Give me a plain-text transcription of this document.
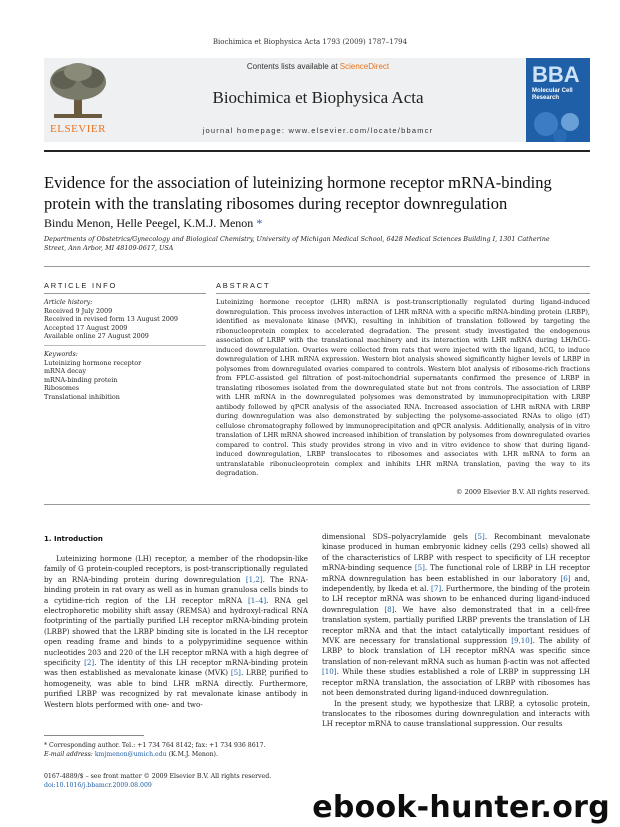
Biochimica et Biophysica Acta 1793 (2009) 1787–1794
ELSEVIER
Contents lists available at ScienceDirect
Biochimica et Biophysica Acta
journal homepage: www.elsevier.com/locate/bbamcr
BBA
Molecular Cell Research
Evidence for the association of luteinizing hormone receptor mRNA-binding protein with the translating ribosomes during receptor downregulation
Bindu Menon, Helle Peegel, K.M.J. Menon *
Departments of Obstetrics/Gynecology and Biological Chemistry, University of Michigan Medical School, 6428 Medical Sciences Building I, 1301 Catherine Street, Ann Arbor, MI 48109-0617, USA
ARTICLE INFO	ABSTRACT
Article history:
Received 9 July 2009
Received in revised form 13 August 2009
Accepted 17 August 2009
Available online 27 August 2009
Keywords:
Luteinizing hormone receptor
mRNA decay
mRNA-binding protein
Ribosomes
Translational inhibition
Luteinizing hormone receptor (LHR) mRNA is post-transcriptionally regulated during ligand-induced downregulation. This process involves interaction of LHR mRNA with a specific mRNA-binding protein (LRBP), identified as mevalonate kinase (MVK), resulting in inhibition of translation followed by targeting the ribonucleoprotein complex to accelerated degradation. The present study investigated the endogenous association of LRBP with the translational machinery and its interaction with LHR mRNA during LH/hCG-induced downregulation. Ovaries were collected from rats that were injected with the ligand, hCG, to induce downregulation of LHR mRNA expression. Western blot analysis showed significantly higher levels of LRBP in polysomes from downregulated ovaries compared to controls. Western blot analysis of ribosome-rich fractions from FPLC-assisted gel filtration of post-mitochondrial supernatants confirmed the presence of LRBP in translating ribosomes isolated from the downregulated state but not from controls. The association of LRBP with LHR mRNA in the downregulated polysomes was demonstrated by immunoprecipitation with LRBP antibody followed by qPCR analysis of the associated RNA. Increased association of LHR mRNA with LRBP during downregulation was also demonstrated by subjecting the polysome-associated RNAs to oligo (dT) cellulose chromatography followed by immunoprecipitation and qPCR analysis. Additionally, analysis of in vitro translation of LHR mRNA showed increased inhibition of translation by polysomes from downregulated ovaries compared to control. This study provides strong in vivo and in vitro evidence to show that during ligand-induced downregulation, LRBP translocates to ribosomes and associates with LHR mRNA to form an untranslatable ribonucleoprotein complex and inhibits LHR mRNA translation, paving the way to its degradation.
© 2009 Elsevier B.V. All rights reserved.
1. Introduction
Luteinizing hormone (LH) receptor, a member of the rhodopsin-like family of G protein-coupled receptors, is post-transcriptionally regulated by an RNA-binding protein during downregulation [1,2]. The RNA-binding protein in rat ovary as well as in human granulosa cells binds to a cytidine-rich region of the LH receptor mRNA [1–4]. RNA gel electrophoretic mobility shift assay (REMSA) and hydroxyl-radical RNA footprinting of the partially purified LH receptor mRNA-binding protein (LRBP) showed that the LRBP binding site is located in the LH receptor open reading frame and binds to a polypyrimidine sequence within nucleotides 203 and 220 of the LH receptor mRNA with a high degree of specificity [2]. The identity of this LH receptor mRNA-binding protein was then established as mevalonate kinase (MVK) [5]. LRBP, purified to homogeneity, was able to bind LHR mRNA directly. Furthermore, purified LRBP was recognized by rat mevalonate kinase antibody in Western blots performed with one- and two-

dimensional SDS–polyacrylamide gels [5]. Recombinant mevalonate kinase produced in human embryonic kidney cells (293 cells) showed all of the characteristics of LRBP with respect to specificity of LH receptor mRNA-binding sequence [5]. The functional role of LRBP in LH receptor mRNA downregulation has been established in our laboratory [6] and, independently, by Ikeda et al. [7]. Furthermore, the binding of the protein to LH receptor mRNA was shown to be enhanced during ligand-induced downregulation [8]. We have also demonstrated that in a cell-free translation system, partially purified LRBP prevents the translation of LH receptor mRNA and that the intact catalytically important residues of MVK are necessary for translational suppression [9,10]. The ability of LRBP to block translation of LH receptor mRNA was specific since translation of non-relevant mRNA such as human β-actin was not affected [10]. While these studies established a role of LRBP in suppressing LH receptor mRNA translation, the association of LRBP with ribosomes has not been demonstrated during ligand-induced downregulation.

In the present study, we hypothesize that LRBP, a cytosolic protein, translocates to the ribosomes during downregulation and interacts with LH receptor mRNA to cause translational suppression. Our results

* Corresponding author. Tel.: +1 734 764 8142; fax: +1 734 936 8617.
E-mail address: kmjmenon@umich.edu (K.M.J. Menon).
0167-4889/$ – see front matter © 2009 Elsevier B.V. All rights reserved.
doi:10.1016/j.bbamcr.2009.08.009
ebook-hunter.org
